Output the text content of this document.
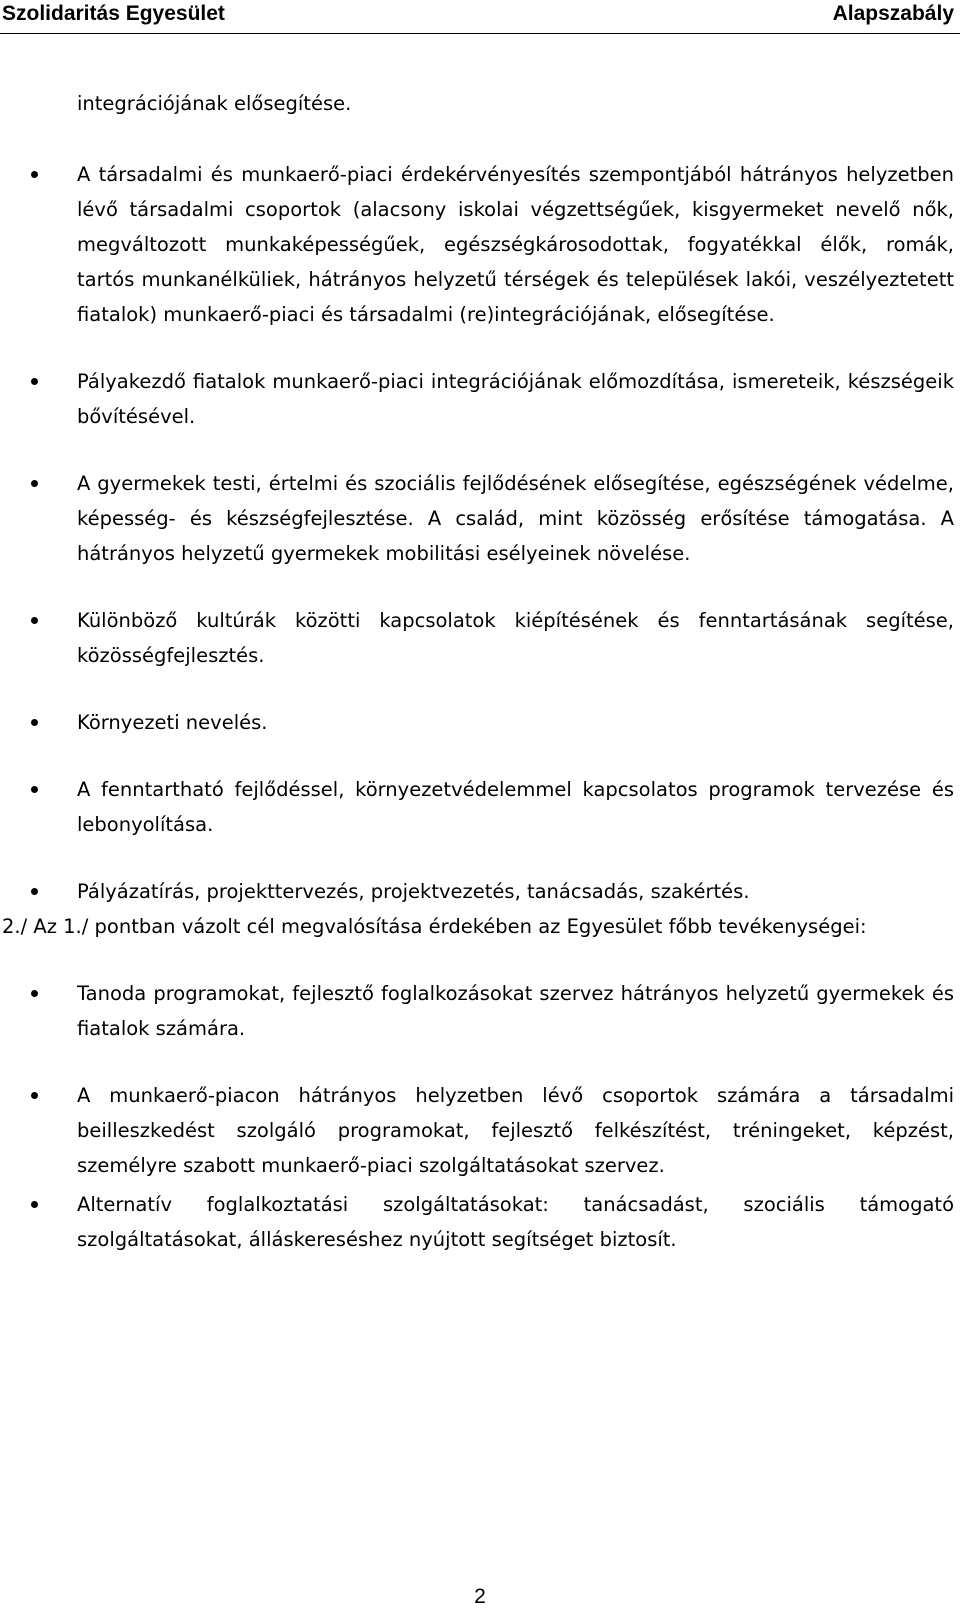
Szolidaritás Egyesület	Alapszabály

integrációjának elősegítése.

A társadalmi és munkaerő-piaci érdekérvényesítés szempontjából hátrányos helyzetben lévő társadalmi csoportok (alacsony iskolai végzettségűek, kisgyermeket nevelő nők, megváltozott munkaképességűek, egészségkárosodottak, fogyatékkal élők, romák, tartós munkanélküliek, hátrányos helyzetű térségek és települések lakói, veszélyeztetett fiatalok) munkaerő-piaci és társadalmi (re)integrációjának, elősegítése.
Pályakezdő fiatalok munkaerő-piaci integrációjának előmozdítása, ismereteik, készségeik bővítésével.
A gyermekek testi, értelmi és szociális fejlődésének elősegítése, egészségének védelme, képesség- és készségfejlesztése. A család, mint közösség erősítése támogatása. A hátrányos helyzetű gyermekek mobilitási esélyeinek növelése.
Különböző kultúrák közötti kapcsolatok kiépítésének és fenntartásának segítése, közösségfejlesztés.
Környezeti nevelés.
A fenntartható fejlődéssel, környezetvédelemmel kapcsolatos programok tervezése és lebonyolítása.
Pályázatírás, projekttervezés, projektvezetés, tanácsadás, szakértés.

2./ Az 1./ pontban vázolt cél megvalósítása érdekében az Egyesület főbb tevékenységei:

Tanoda programokat, fejlesztő foglalkozásokat szervez hátrányos helyzetű gyermekek és fiatalok számára.
A munkaerő-piacon hátrányos helyzetben lévő csoportok számára a társadalmi beilleszkedést szolgáló programokat, fejlesztő felkészítést, tréningeket, képzést, személyre szabott munkaerő-piaci szolgáltatásokat szervez.
Alternatív foglalkoztatási szolgáltatásokat: tanácsadást, szociális támogató szolgáltatásokat, álláskereséshez nyújtott segítséget biztosít.
2
